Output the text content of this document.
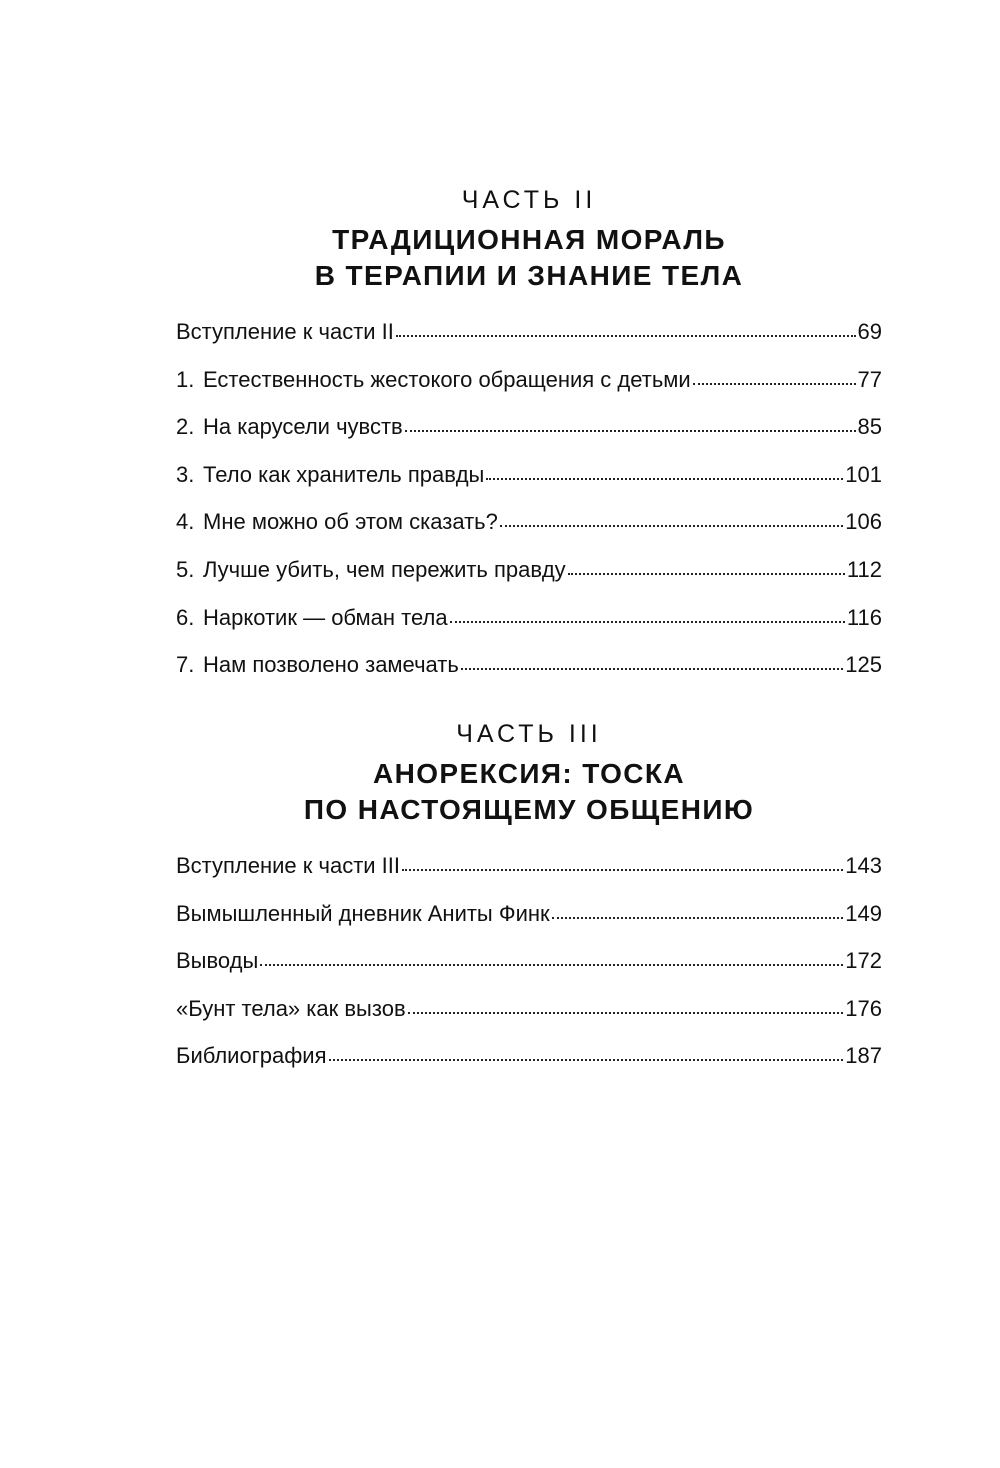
ЧАСТЬ II
ТРАДИЦИОННАЯ МОРАЛЬ
В ТЕРАПИИ И ЗНАНИЕ ТЕЛА
Вступление к части II	69
1. Естественность жестокого обращения с детьми	77
2. На карусели чувств	85
3. Тело как хранитель правды	101
4. Мне можно об этом сказать?	106
5. Лучше убить, чем пережить правду	112
6. Наркотик — обман тела	116
7. Нам позволено замечать	125
ЧАСТЬ III
АНОРЕКСИЯ: ТОСКА
ПО НАСТОЯЩЕМУ ОБЩЕНИЮ
Вступление к части III	143
Вымышленный дневник Аниты Финк	149
Выводы	172
«Бунт тела» как вызов	176
Библиография	187
